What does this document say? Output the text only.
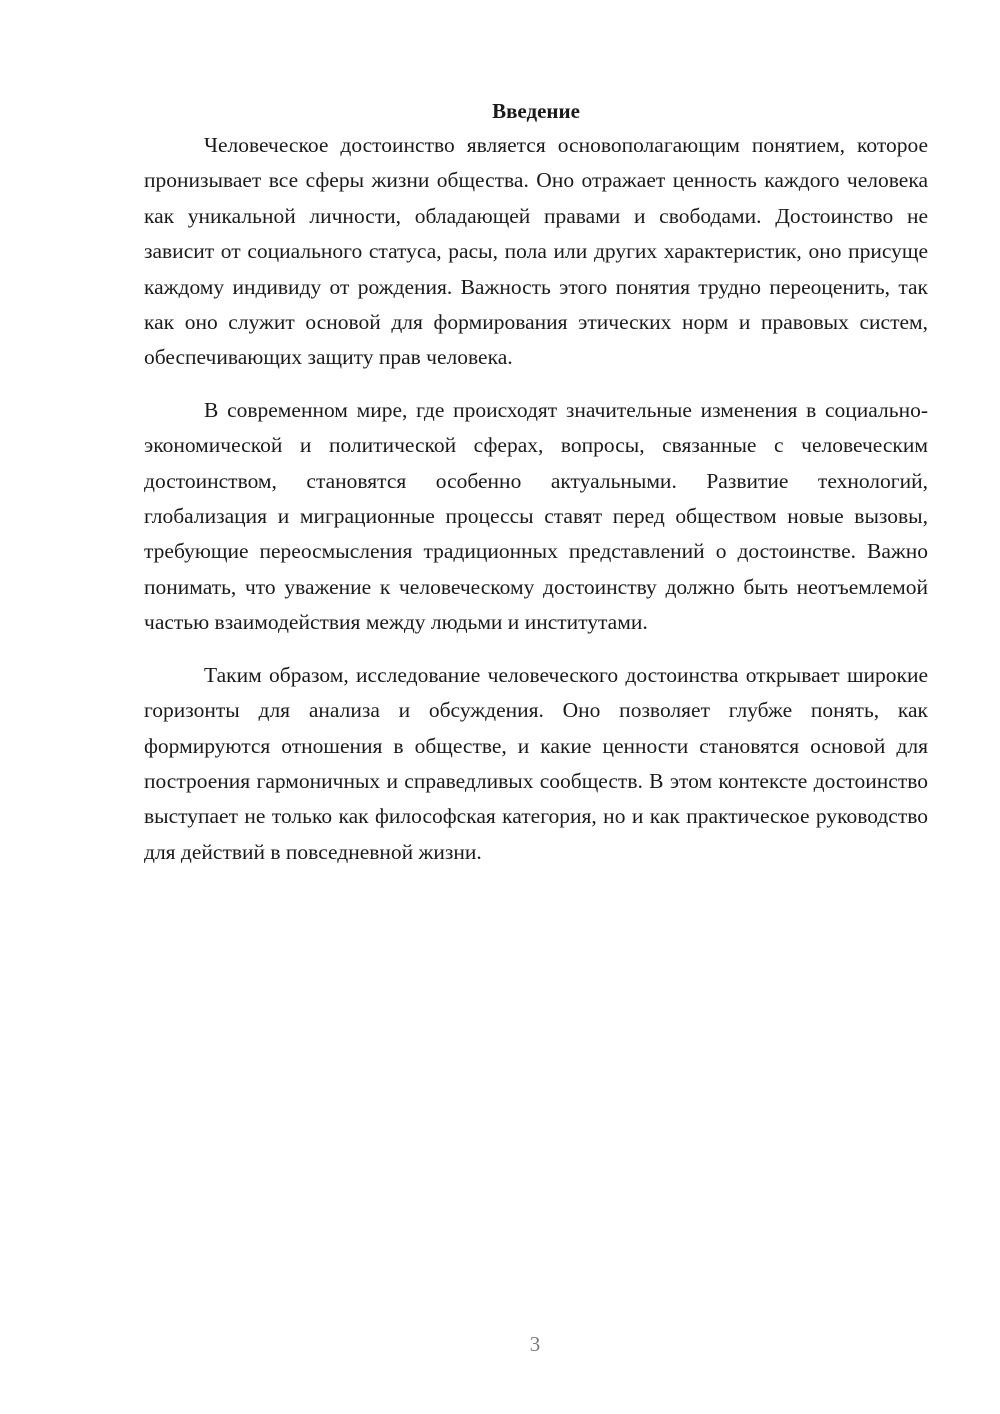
Введение

Человеческое достоинство является основополагающим понятием, которое пронизывает все сферы жизни общества. Оно отражает ценность каждого человека как уникальной личности, обладающей правами и свободами. Достоинство не зависит от социального статуса, расы, пола или других характеристик, оно присуще каждому индивиду от рождения. Важность этого понятия трудно переоценить, так как оно служит основой для формирования этических норм и правовых систем, обеспечивающих защиту прав человека.

В современном мире, где происходят значительные изменения в социально-экономической и политической сферах, вопросы, связанные с человеческим достоинством, становятся особенно актуальными. Развитие технологий, глобализация и миграционные процессы ставят перед обществом новые вызовы, требующие переосмысления традиционных представлений о достоинстве. Важно понимать, что уважение к человеческому достоинству должно быть неотъемлемой частью взаимодействия между людьми и институтами.

Таким образом, исследование человеческого достоинства открывает широкие горизонты для анализа и обсуждения. Оно позволяет глубже понять, как формируются отношения в обществе, и какие ценности становятся основой для построения гармоничных и справедливых сообществ. В этом контексте достоинство выступает не только как философская категория, но и как практическое руководство для действий в повседневной жизни.

3
